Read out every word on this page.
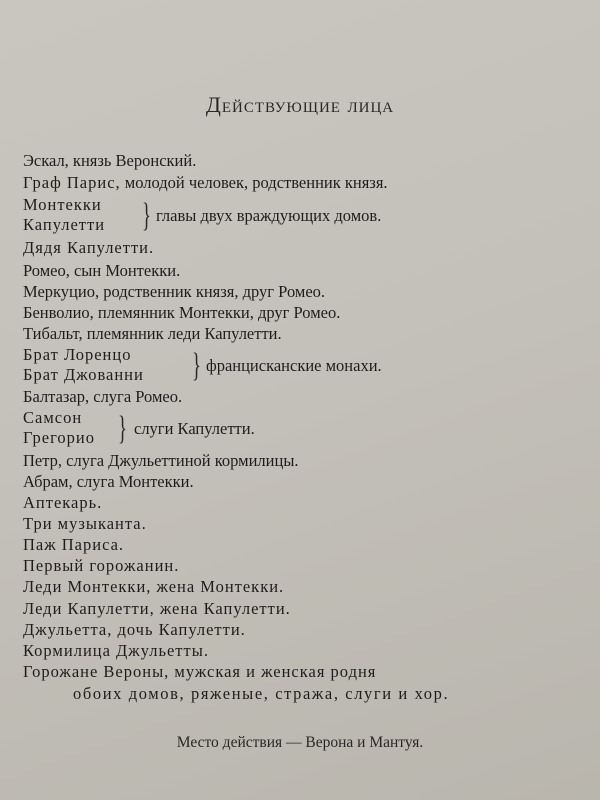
Действующие лица
Эскал, князь Веронский.
Граф Парис, молодой человек, родственник князя.
Монтекки
Капулетти } главы двух враждующих домов.
Дядя Капулетти.
Ромео, сын Монтекки.
Меркуцио, родственник князя, друг Ромео.
Бенволио, племянник Монтекки, друг Ромео.
Тибальт, племянник леди Капулетти.
Брат Лоренцо
Брат Джованни } францисканские монахи.
Балтазар, слуга Ромео.
Самсон
Грегорио } слуги Капулетти.
Петр, слуга Джульеттиной кормилицы.
Абрам, слуга Монтекки.
Аптекарь.
Три музыканта.
Паж Париса.
Первый горожанин.
Леди Монтекки, жена Монтекки.
Леди Капулетти, жена Капулетти.
Джульетта, дочь Капулетти.
Кормилица Джульетты.
Горожане Вероны, мужская и женская родня
обоих домов, ряженые, стража, слуги и хор.
Место действия — Верона и Мантуя.
